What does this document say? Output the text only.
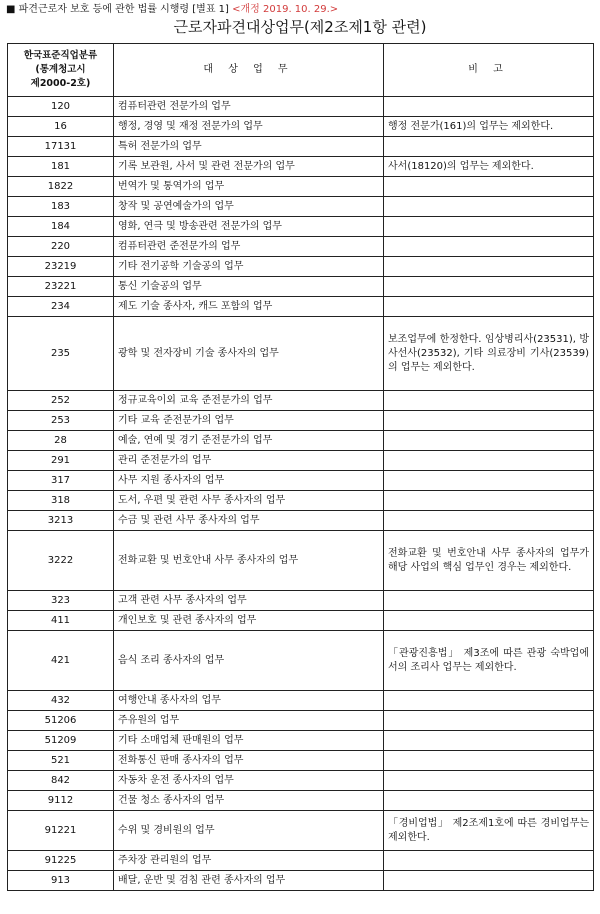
■ 파견근로자 보호 등에 관한 법률 시행령 [별표 1] <개정 2019. 10. 29.>
근로자파견대상업무(제2조제1항 관련)
한국표준직업분류
(통계청고시
제2000-2호)	대 상 업 무	비 고
120	컴퓨터관련 전문가의 업무	
16	행정, 경영 및 재정 전문가의 업무	행정 전문가(161)의 업무는 제외한다.
17131	특허 전문가의 업무	
181	기록 보관원, 사서 및 관련 전문가의 업무	사서(18120)의 업무는 제외한다.
1822	번역가 및 통역가의 업무	
183	창작 및 공연예술가의 업무	
184	영화, 연극 및 방송관련 전문가의 업무	
220	컴퓨터관련 준전문가의 업무	
23219	기타 전기공학 기술공의 업무	
23221	통신 기술공의 업무	
234	제도 기술 종사자, 캐드 포함의 업무	
235	광학 및 전자장비 기술 종사자의 업무	보조업무에 한정한다. 임상병리사(23531), 방사선사(23532), 기타 의료장비 기사(23539)의 업무는 제외한다.
252	정규교육이외 교육 준전문가의 업무	
253	기타 교육 준전문가의 업무	
28	예술, 연예 및 경기 준전문가의 업무	
291	관리 준전문가의 업무	
317	사무 지원 종사자의 업무	
318	도서, 우편 및 관련 사무 종사자의 업무	
3213	수금 및 관련 사무 종사자의 업무	
3222	전화교환 및 번호안내 사무 종사자의 업무	전화교환 및 번호안내 사무 종사자의 업무가 해당 사업의 핵심 업무인 경우는 제외한다.
323	고객 관련 사무 종사자의 업무	
411	개인보호 및 관련 종사자의 업무	
421	음식 조리 종사자의 업무	「관광진흥법」 제3조에 따른 관광 숙박업에서의 조리사 업무는 제외한다.
432	여행안내 종사자의 업무	
51206	주유원의 업무	
51209	기타 소매업체 판매원의 업무	
521	전화통신 판매 종사자의 업무	
842	자동차 운전 종사자의 업무	
9112	건물 청소 종사자의 업무	
91221	수위 및 경비원의 업무	「경비업법」 제2조제1호에 따른 경비업무는 제외한다.
91225	주차장 관리원의 업무	
913	배달, 운반 및 검침 관련 종사자의 업무	
